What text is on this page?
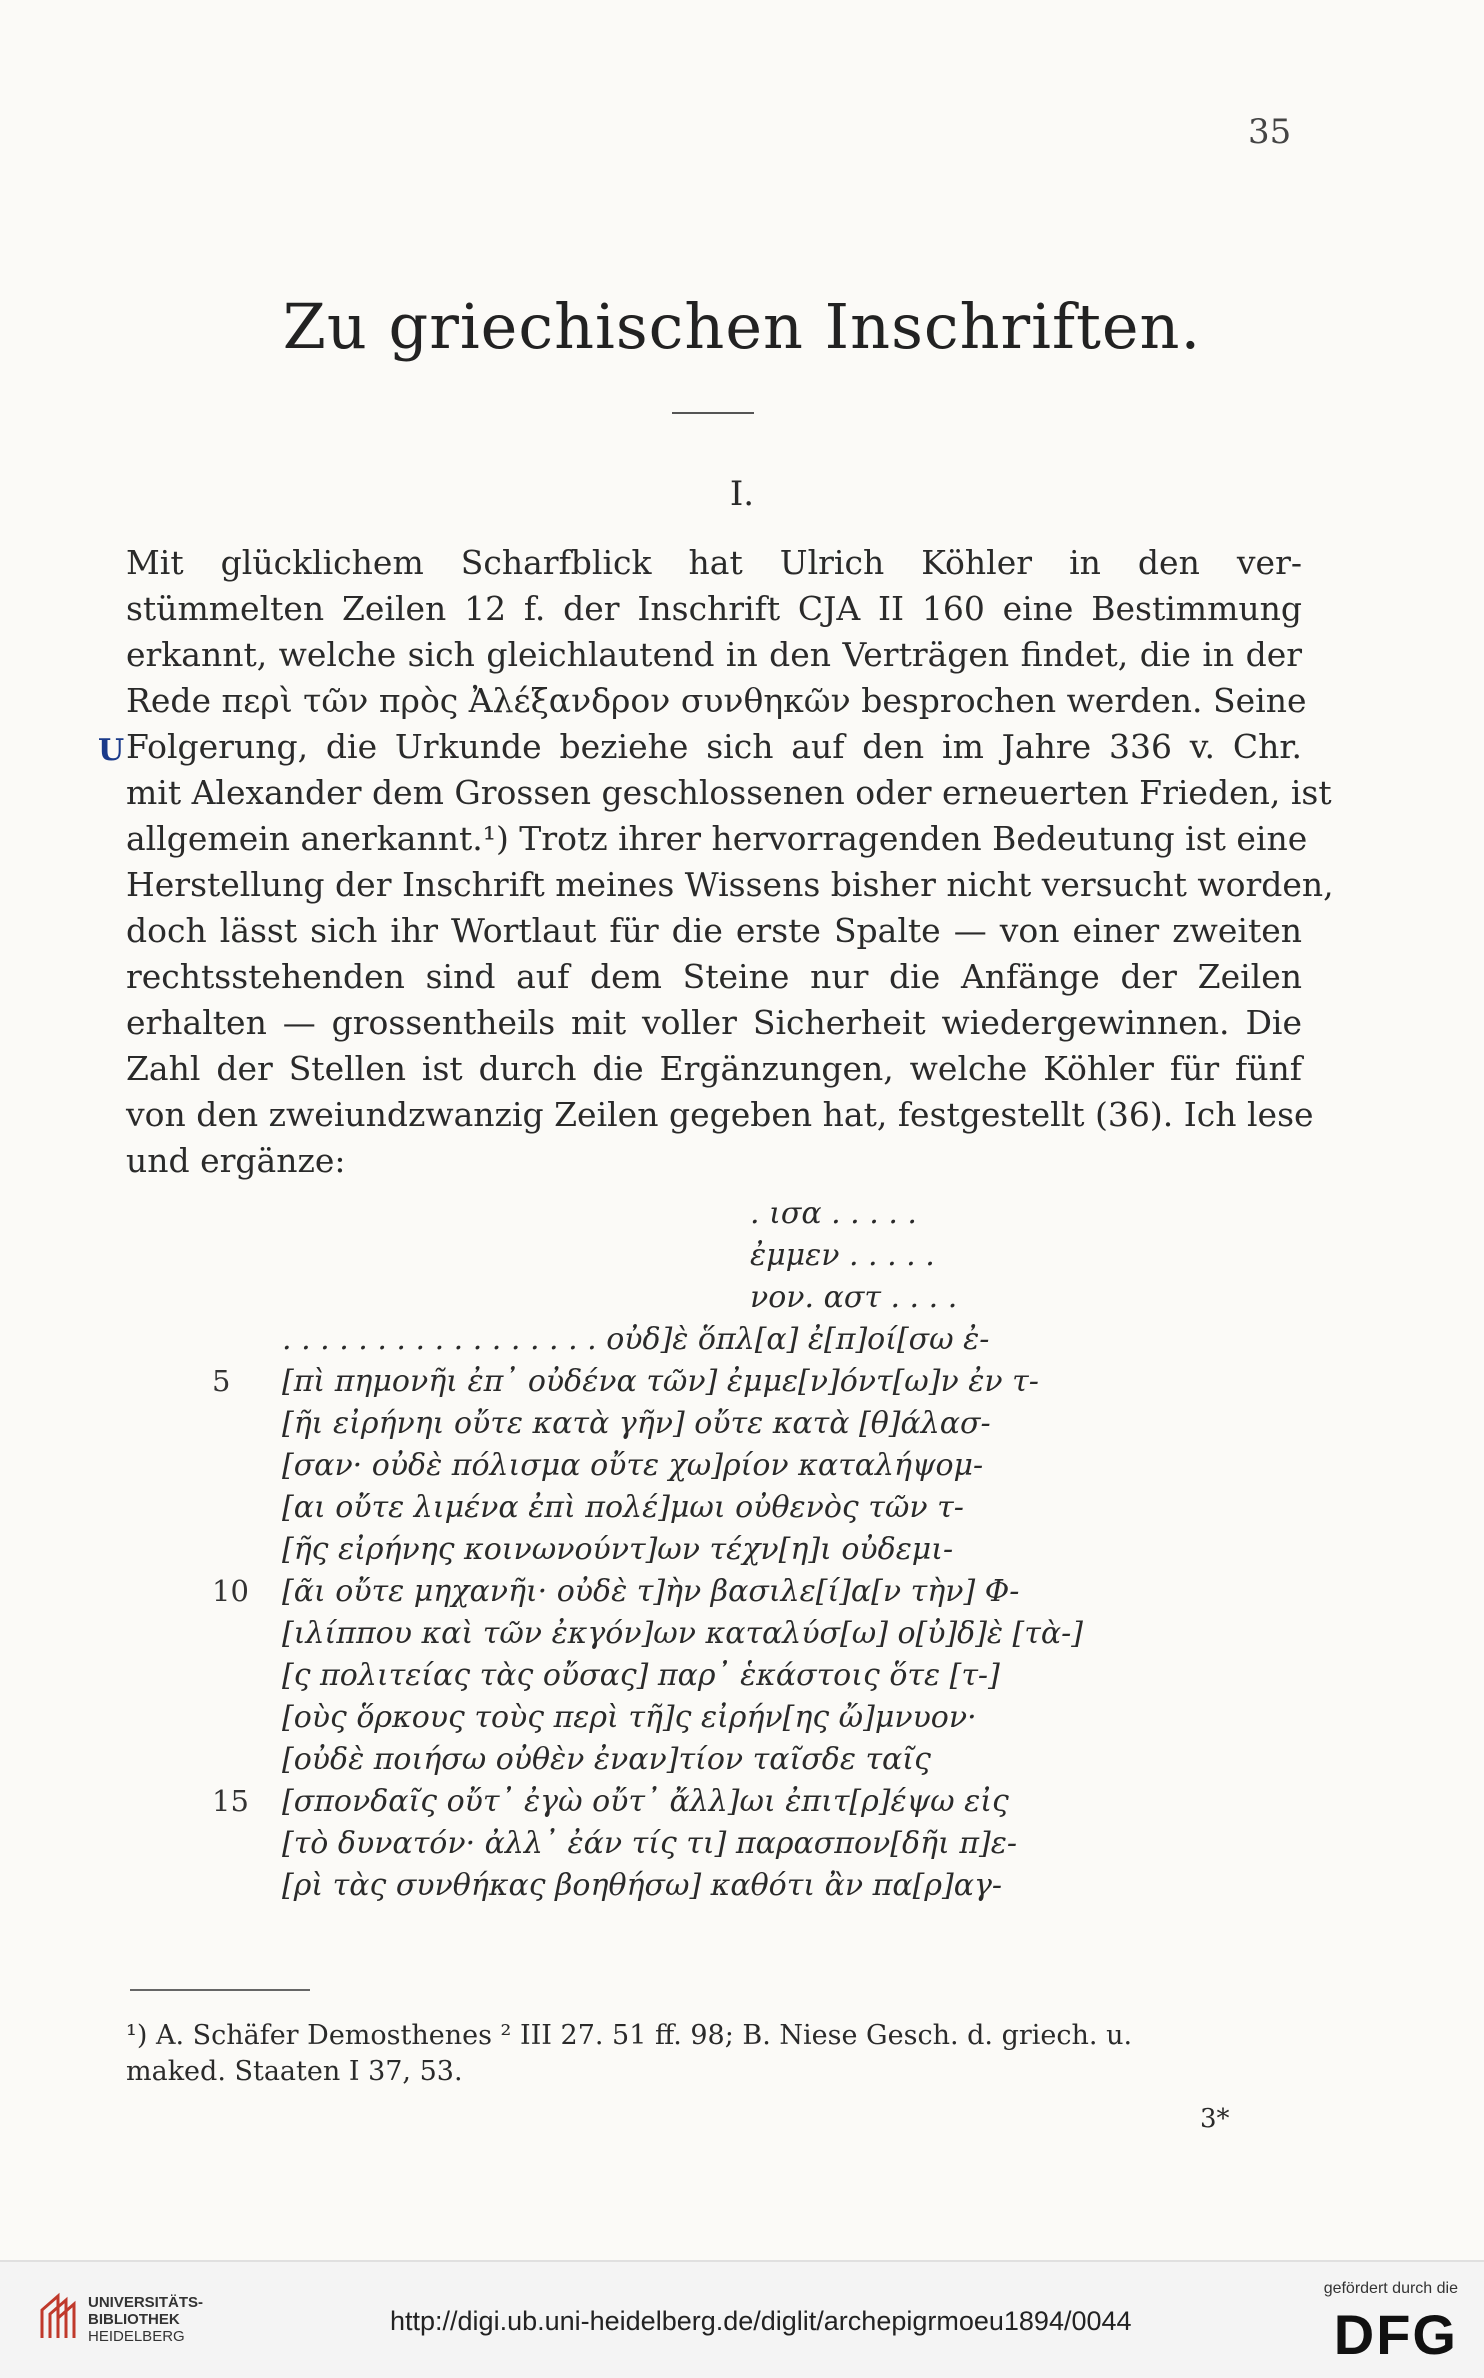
35
Zu griechischen Inschriften.
I.
U
Mit glücklichem Scharfblick hat Ulrich Köhler in den ver-
stümmelten Zeilen 12 f. der Inschrift CJA II 160 eine Bestimmung
erkannt, welche sich gleichlautend in den Verträgen findet, die in der
Rede περὶ τῶν πρὸς Ἀλέξανδρον συνθηκῶν besprochen werden. Seine
Folgerung, die Urkunde beziehe sich auf den im Jahre 336 v. Chr.
mit Alexander dem Grossen geschlossenen oder erneuerten Frieden, ist
allgemein anerkannt.¹) Trotz ihrer hervorragenden Bedeutung ist eine
Herstellung der Inschrift meines Wissens bisher nicht versucht worden,
doch lässt sich ihr Wortlaut für die erste Spalte — von einer zweiten
rechtsstehenden sind auf dem Steine nur die Anfänge der Zeilen
erhalten — grossentheils mit voller Sicherheit wiedergewinnen. Die
Zahl der Stellen ist durch die Ergänzungen, welche Köhler für fünf
von den zweiundzwanzig Zeilen gegeben hat, festgestellt (36). Ich lese
und ergänze:
. ισα . . . . .
ἐμμεν . . . . .
νον. αστ . . . .
. . . . . . . . . . . . . . . . . οὐδ]ὲ ὅπλ[α] ἐ[π]οί[σω ἐ-
5 [πὶ πημονῆι ἐπ᾽ οὐδένα τῶν] ἐμμε[ν]όντ[ω]ν ἐν τ-
[ῆι εἰρήνηι οὔτε κατὰ γῆν] οὔτε κατὰ [θ]άλασ-
[σαν· οὐδὲ πόλισμα οὔτε χω]ρίον καταλήψομ-
[αι οὔτε λιμένα ἐπὶ πολέ]μωι οὐθενὸς τῶν τ-
[ῆς εἰρήνης κοινωνούντ]ων τέχν[η]ι οὐδεμι-
10 [ᾶι οὔτε μηχανῆι· οὐδὲ τ]ὴν βασιλε[ί]α[ν τὴν] Φ-
[ιλίππου καὶ τῶν ἐκγόν]ων καταλύσ[ω] ο[ὐ]δ]ὲ [τὰ-]
[ς πολιτείας τὰς οὔσας] παρ᾽ ἑκάστοις ὅτε [τ-]
[οὺς ὅρκους τοὺς περὶ τῆ]ς εἰρήν[ης ὤ]μνυον·
[οὐδὲ ποιήσω οὐθὲν ἐναν]τίον ταῖσδε ταῖς
15 [σπονδαῖς οὔτ᾽ ἐγὼ οὔτ᾽ ἄλλ]ωι ἐπιτ[ρ]έψω εἰς
[τὸ δυνατόν· ἀλλ᾽ ἐάν τίς τι] παρασπον[δῆι π]ε-
[ρὶ τὰς συνθήκας βοηθήσω] καθότι ἂν πα[ρ]αγ-
¹) A. Schäfer Demosthenes ² III 27. 51 ff. 98; B. Niese Gesch. d. griech. u.
maked. Staaten I 37, 53.
3*
UNIVERSITÄTS-
BIBLIOTHEK
HEIDELBERG
http://digi.ub.uni-heidelberg.de/diglit/archepigrmoeu1894/0044
gefördert durch die
DFG
